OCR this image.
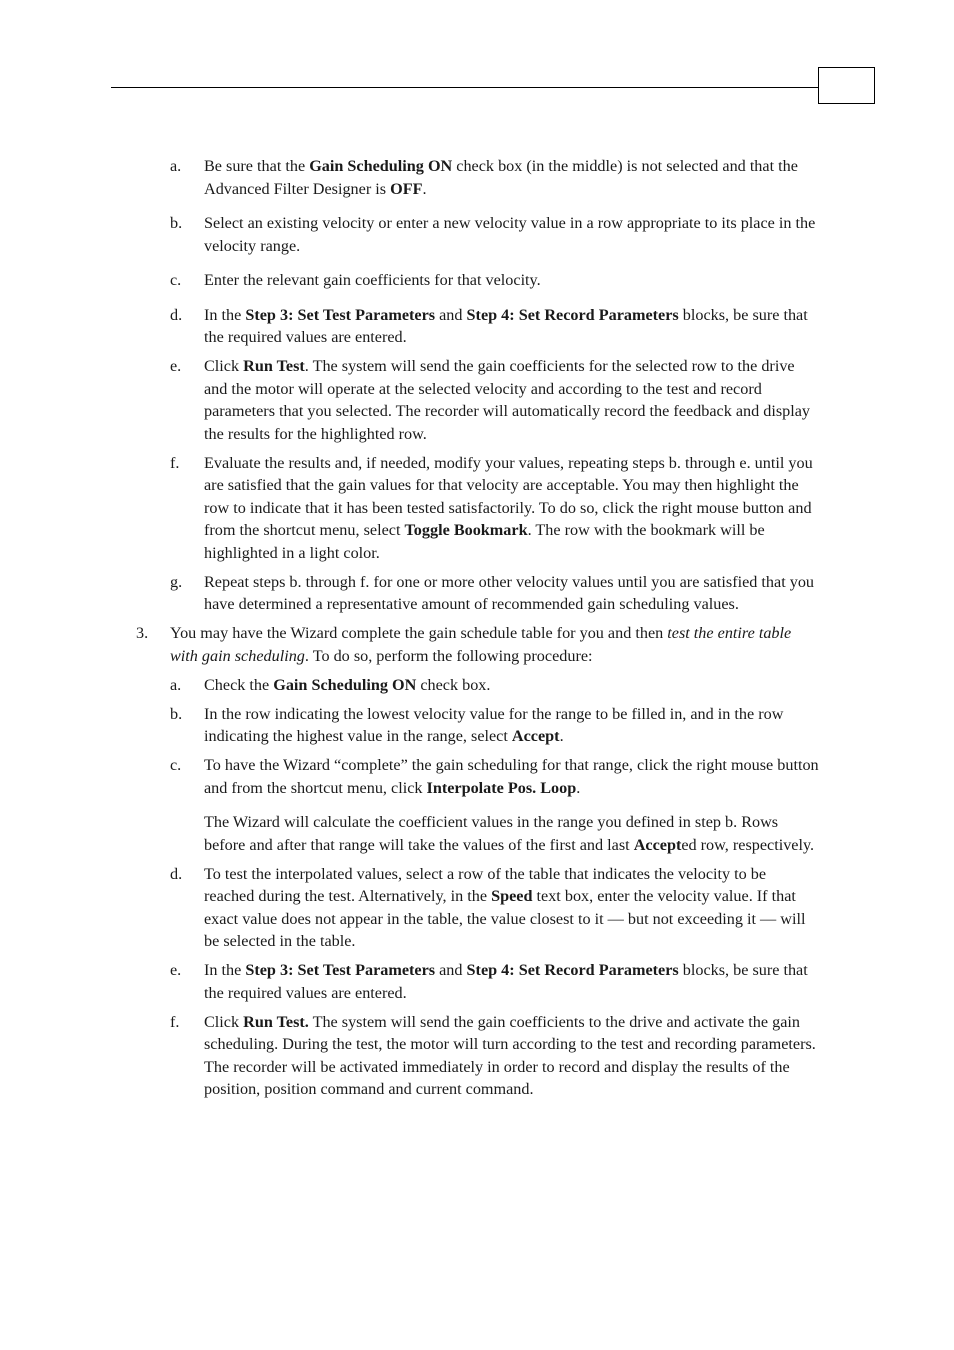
a. Be sure that the Gain Scheduling ON check box (in the middle) is not selected and that the Advanced Filter Designer is OFF.
b. Select an existing velocity or enter a new velocity value in a row appropriate to its place in the velocity range.
c. Enter the relevant gain coefficients for that velocity.
d. In the Step 3: Set Test Parameters and Step 4: Set Record Parameters blocks, be sure that the required values are entered.
e. Click Run Test. The system will send the gain coefficients for the selected row to the drive and the motor will operate at the selected velocity and according to the test and record parameters that you selected. The recorder will automatically record the feedback and display the results for the highlighted row.
f. Evaluate the results and, if needed, modify your values, repeating steps b. through e. until you are satisfied that the gain values for that velocity are acceptable. You may then highlight the row to indicate that it has been tested satisfactorily. To do so, click the right mouse button and from the shortcut menu, select Toggle Bookmark. The row with the bookmark will be highlighted in a light color.
g. Repeat steps b. through f. for one or more other velocity values until you are satisfied that you have determined a representative amount of recommended gain scheduling values.
3. You may have the Wizard complete the gain schedule table for you and then test the entire table with gain scheduling. To do so, perform the following procedure:
a. Check the Gain Scheduling ON check box.
b. In the row indicating the lowest velocity value for the range to be filled in, and in the row indicating the highest value in the range, select Accept.
c. To have the Wizard “complete” the gain scheduling for that range, click the right mouse button and from the shortcut menu, click Interpolate Pos. Loop.
The Wizard will calculate the coefficient values in the range you defined in step b. Rows before and after that range will take the values of the first and last Accepted row, respectively.
d. To test the interpolated values, select a row of the table that indicates the velocity to be reached during the test. Alternatively, in the Speed text box, enter the velocity value. If that exact value does not appear in the table, the value closest to it — but not exceeding it — will be selected in the table.
e. In the Step 3: Set Test Parameters and Step 4: Set Record Parameters blocks, be sure that the required values are entered.
f. Click Run Test. The system will send the gain coefficients to the drive and activate the gain scheduling. During the test, the motor will turn according to the test and recording parameters. The recorder will be activated immediately in order to record and display the results of the position, position command and current command.
